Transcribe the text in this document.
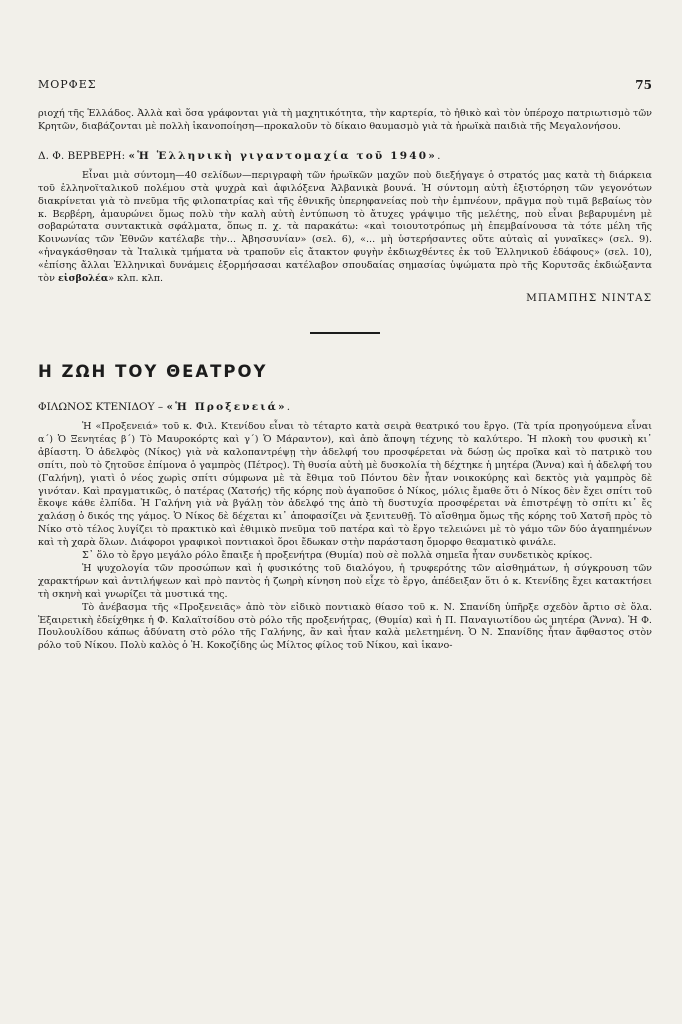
ΜΟΡΦΕΣ	75

ριοχή τῆς Ἑλλάδος. Ἀλλὰ καὶ ὅσα γράφονται γιὰ τὴ μαχητικότητα, τὴν καρτερία, τὸ ἠθικὸ καὶ τὸν ὑπέροχο πατριωτισμὸ τῶν Κρητῶν, διαβάζονται μὲ πολλὴ ἱκανοποίηση—προκαλοῦν τὸ δίκαιο θαυμασμὸ γιὰ τὰ ἡρωϊκὰ παιδιὰ τῆς Μεγαλονήσου.

Δ. Φ. ΒΕΡΒΕΡΗ: «Ἡ Ἑλληνικὴ γιγαντομαχία τοῦ 1940».

Εἶναι μιὰ σύντομη—40 σελίδων—περιγραφὴ τῶν ἡρωϊκῶν μαχῶν ποὺ διεξήγαγε ὁ στρατός μας κατὰ τὴ διάρκεια τοῦ ἑλληνοϊταλικοῦ πολέμου στὰ ψυχρὰ καὶ ἀφιλόξενα Ἀλβανικὰ βουνά. Ἡ σύντομη αὐτὴ ἐξιστόρηση τῶν γεγονότων διακρίνεται γιὰ τὸ πνεῦμα τῆς φιλοπατρίας καὶ τῆς ἐθνικῆς ὑπερηφανείας ποὺ τὴν ἐμπνέουν, πρᾶγμα ποὺ τιμᾶ βεβαίως τὸν κ. Βερβέρη, ἀμαυρώνει ὅμως πολὺ τὴν καλὴ αὐτὴ ἐντύπωση τὸ ἄτυχες γράψιμο τῆς μελέτης, ποὺ εἶναι βεβαρυμένη μὲ σοβαρώτατα συντακτικὰ σφάλματα, ὅπως π. χ. τὰ παρακάτω: «καὶ τοιουτοτρόπως μὴ ἐπεμβαίνουσα τὰ τότε μέλη τῆς Κοινωνίας τῶν Ἐθνῶν κατέλαβε τὴν... Ἀβησσυνίαν» (σελ. 6), «... μὴ ὑστερήσαντες οὔτε αὐταὶς αἱ γυναῖκες» (σελ. 9). «ἠναγκάσθησαν τὰ Ἰταλικὰ τμήματα νὰ τραποῦν εἰς ἄτακτον φυγὴν ἐκδιωχθέντες ἐκ τοῦ Ἑλληνικοῦ ἐδάφους» (σελ. 10), «ἐπίσης ἄλλαι Ἑλληνικαὶ δυνάμεις ἐξορμήσασαι κατέλαβον σπουδαίας σημασίας ὑψώματα πρὸ τῆς Κορυτσᾶς ἐκδιώξαντα τὸν εἰσβολέα» κλπ. κλπ.

ΜΠΑΜΠΗΣ ΝΙΝΤΑΣ

Η ΖΩΗ ΤΟΥ ΘΕΑΤΡΟΥ

ΦΙΛΩΝΟΣ ΚΤΕΝΙΔΟΥ – «Ἡ Προξενειά».

Ἡ «Προξενειά» τοῦ κ. Φιλ. Κτενίδου εἶναι τὸ τέταρτο κατὰ σειρὰ θεατρικό του ἔργο. (Τὰ τρία προηγούμενα εἶναι α΄) Ὁ Ξενητέας β΄) Τὸ Μαυροκόρτς καὶ γ΄) Ὁ Μάραντον), καὶ ἀπὸ ἄποψη τέχνης τὸ καλύτερο. Ἡ πλοκὴ του φυσικὴ κι᾿ ἀβίαστη. Ὁ ἀδελφὸς (Νίκος) γιὰ νὰ καλοπαντρέψῃ τὴν ἀδελφή του προσφέρεται νὰ δώσῃ ὡς προῖκα καὶ τὸ πατρικὸ του σπίτι, ποὺ τὸ ζητοῦσε ἐπίμονα ὁ γαμπρὸς (Πέτρος). Τὴ θυσία αὐτὴ μὲ δυσκολία τὴ δέχτηκε ἡ μητέρα (Ἄννα) καὶ ἡ ἀδελφή του (Γαλήνη), γιατὶ ὁ νέος χωρὶς σπίτι σύμφωνα μὲ τὰ ἔθιμα τοῦ Πόντου δὲν ἦταν νοικοκύρης καὶ δεκτὸς γιὰ γαμπρὸς δὲ γινόταν. Καὶ πραγματικῶς, ὁ πατέρας (Χατσής) τῆς κόρης ποὺ ἀγαποῦσε ὁ Νίκος, μόλις ἔμαθε ὅτι ὁ Νίκος δὲν ἔχει σπίτι τοῦ ἔκοψε κάθε ἐλπίδα. Ἡ Γαλήνη γιὰ νὰ βγάλῃ τὸν ἀδελφό της ἀπὸ τὴ δυστυχία προσφέρεται νὰ ἐπιστρέψῃ τὸ σπίτι κι᾿ ἔς χαλάσῃ ὁ δικός της γάμος. Ὁ Νίκος δὲ δέχεται κι᾿ ἀποφασίζει νὰ ξενιτευθῇ. Τὸ αἴσθημα ὅμως τῆς κόρης τοῦ Χατσῆ πρὸς τὸ Νίκο στὸ τέλος λυγίζει τὸ πρακτικὸ καὶ ἐθιμικὸ πνεῦμα τοῦ πατέρα καὶ τὸ ἔργο τελειώνει μὲ τὸ γάμο τῶν δύο ἀγαπημένων καὶ τὴ χαρὰ ὅλων. Διάφοροι γραφικοὶ ποντιακοὶ ὅροι ἔδωκαν στὴν παράσταση ὄμορφο θεαματικὸ φινάλε.

Σ᾿ ὅλο τὸ ἔργο μεγάλο ρόλο ἔπαιξε ἡ προξενήτρα (Θυμία) ποὺ σὲ πολλὰ σημεῖα ἦταν συνδετικὸς κρίκος.

Ἡ ψυχολογία τῶν προσώπων καὶ ἡ φυσικότης τοῦ διαλόγου, ἡ τρυφερότης τῶν αἰσθημάτων, ἡ σύγκρουση τῶν χαρακτήρων καὶ ἀντιλήψεων καὶ πρὸ παντὸς ἡ ζωηρὴ κίνηση ποὺ εἶχε τὸ ἔργο, ἀπέδειξαν ὅτι ὁ κ. Κτενίδης ἔχει κατακτήσει τὴ σκηνὴ καὶ γνωρίζει τὰ μυστικά της.

Τὸ ἀνέβασμα τῆς «Προξενειᾶς» ἀπὸ τὸν εἰδικὸ ποντιακὸ θίασο τοῦ κ. Ν. Σπανίδη ὑπῆρξε σχεδὸν ἄρτιο σὲ ὅλα. Ἐξαιρετικὴ ἐδείχθηκε ἡ Φ. Καλαϊτσίδου στὸ ρόλο τῆς προξενήτρας, (Θυμία) καὶ ἡ Π. Παναγιωτίδου ὡς μητέρα (Ἄννα). Ἡ Φ. Πουλουλίδου κάπως ἀδύνατη στὸ ρόλο τῆς Γαλήνης, ἂν καὶ ἦταν καλὰ μελετημένη. Ὁ Ν. Σπανίδης ἦταν ἄφθαστος στὸν ρόλο τοῦ Νίκου. Πολὺ καλὸς ὁ Ἠ. Κοκοζίδης ὡς Μίλτος φίλος τοῦ Νίκου, καὶ ἱκανο-
